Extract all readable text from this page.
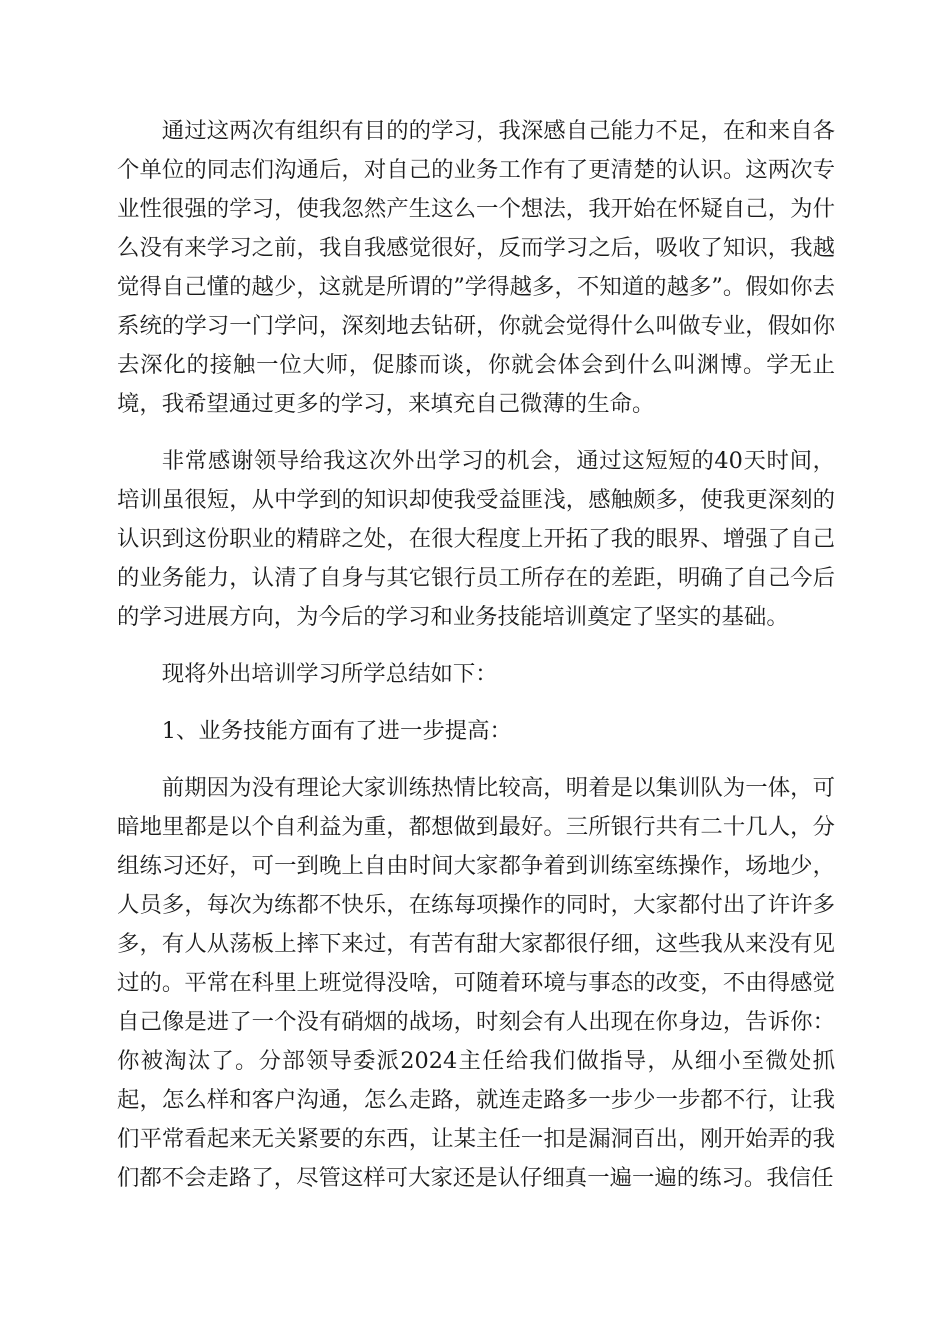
通过这两次有组织有目的的学习，我深感自己能力不足，在和来自各个单位的同志们沟通后，对自己的业务工作有了更清楚的认识。这两次专业性很强的学习，使我忽然产生这么一个想法，我开始在怀疑自己，为什么没有来学习之前，我自我感觉很好，反而学习之后，吸收了知识，我越觉得自己懂的越少，这就是所谓的”学得越多，不知道的越多”。假如你去系统的学习一门学问，深刻地去钻研，你就会觉得什么叫做专业，假如你去深化的接触一位大师，促膝而谈，你就会体会到什么叫渊博。学无止境，我希望通过更多的学习，来填充自己微薄的生命。

非常感谢领导给我这次外出学习的机会，通过这短短的40天时间，培训虽很短，从中学到的知识却使我受益匪浅，感触颇多，使我更深刻的认识到这份职业的精辟之处，在很大程度上开拓了我的眼界、增强了自己的业务能力，认清了自身与其它银行员工所存在的差距，明确了自己今后的学习进展方向，为今后的学习和业务技能培训奠定了坚实的基础。

现将外出培训学习所学总结如下：

1、业务技能方面有了进一步提高：

前期因为没有理论大家训练热情比较高，明着是以集训队为一体，可暗地里都是以个自利益为重，都想做到最好。三所银行共有二十几人，分组练习还好，可一到晚上自由时间大家都争着到训练室练操作，场地少，人员多，每次为练都不快乐，在练每项操作的同时，大家都付出了许许多多，有人从荡板上摔下来过，有苦有甜大家都很仔细，这些我从来没有见过的。平常在科里上班觉得没啥，可随着环境与事态的改变，不由得感觉自己像是进了一个没有硝烟的战场，时刻会有人出现在你身边，告诉你：你被淘汰了。分部领导委派2024主任给我们做指导，从细小至微处抓起，怎么样和客户沟通，怎么走路，就连走路多一步少一步都不行，让我们平常看起来无关紧要的东西，让某主任一扣是漏洞百出，刚开始弄的我们都不会走路了，尽管这样可大家还是认仔细真一遍一遍的练习。我信任
